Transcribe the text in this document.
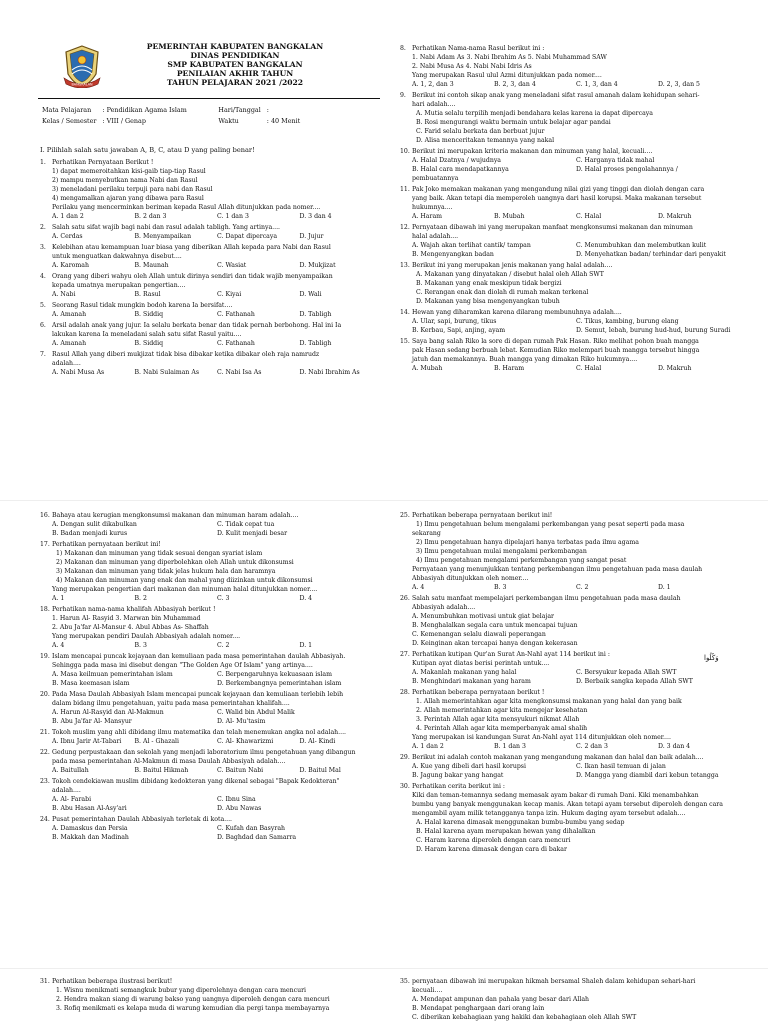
BANGKALAN

PEMERINTAH KABUPATEN BANGKALAN

DINAS PENDIDIKAN

SMP KABUPATEN BANGKALAN

PENILAIAN AKHIR TAHUN

TAHUN PELAJARAN 2021 /2022

Mata Pelajaran	: Pendidikan Agama Islam	Hari/Tanggal	:
Kelas / Semester	: VIII / Genap	Waktu	: 40 Menit

I. Pilihlah salah satu jawaban A, B, C, atau D yang paling benar!

1. Perhatikan Pernyataan Berikut !

1) dapat memeroitahkan kisi-gaib tiap-tiap Rasul

2) mampu menyebutkan nama Nabi dan Rasul

3) meneladani perilaku terpuji para nabi dan Rasul

4) mengamalkan ajaran yang dibawa para Rasul

Perilaku yang mencerminkan beriman kepada Rasul Allah ditunjukkan pada nomer....

A. 1 dan 2	B. 2 dan 3	C. 1 dan 3	D. 3 dan 4

2. Salah satu sifat wajib bagi nabi dan rasul adalah tabligh. Yang artinya....

A. Cerdas	B. Menyampaikan	C. Dapat dipercaya	D. Jujur

3. Kelebihan atau kemampuan luar biasa yang diberikan Allah kepada para Nabi dan Rasul

untuk menguatkan dakwahnya disebut....

A. Karomah	B. Maunah	C. Wasiat	D. Mukjizat

4. Orang yang diberi wahyu oleh Allah untuk dirinya sendiri dan tidak wajib menyampaikan

kepada umatnya merupakan pengertian....

A. Nabi	B. Rasul	C. Kiyai	D. Wali

5. Seorang Rasul tidak mungkin bodoh karena Ia bersifat....

A. Amanah	B. Siddiq	C. Fathanah	D. Tabligh

6. Arsil adalah anak yang jujur. Ia selalu berkata benar dan tidak pernah berbohong. Hal ini Ia

lakukan karena Ia meneladani salah satu sifat Rasul yaitu....

A. Amanah	B. Siddiq	C. Fathanah	D. Tabligh

7. Rasul Allah yang diberi mukjizat tidak bisa dibakar ketika dibakar oleh raja namrudz

adalah....

A. Nabi Musa As	B. Nabi Sulaiman As	C. Nabi Isa As	D. Nabi Ibrahim As

8. Perhatikan Nama-nama Rasul berikut ini :

1. Nabi Adam As 3. Nabi Ibrahim As 5. Nabi Muhammad SAW

2. Nabi Musa As 4. Nabi Nabi Idris As

Yang merupakan Rasul ulul Azmi ditunjukkan pada nomer....

A. 1, 2, dan 3	B. 2, 3, dan 4	C. 1, 3, dan 4	D. 2, 3, dan 5

9. Berikut ini contoh sikap anak yang meneladani sifat rasul amanah dalam kehidupan sehari-

hari adalah....

A. Mutia selalu terpilih menjadi bendahara kelas karena ia dapat dipercaya

B. Rosi mengurangi waktu bermain untuk belajar agar pandai

C. Farid selalu berkata dan berbuat jujur

D. Alisa menceritakan temannya yang nakal

10. Berikut ini merupakan kriteria makanan dan minuman yang halal, kecuali....

A. Halal Dzatnya / wujudnya	C. Harganya tidak mahal
B. Halal cara mendapatkannya	D. Halal proses pengolahannya /

pembuatannya

11. Pak Joko memakan makanan yang mengandung nilai gizi yang tinggi dan diolah dengan cara

yang baik. Akan tetapi dia memperoleh uangnya dari hasil korupsi. Maka makanan tersebut

hukumnya....

A. Haram	B. Mubah	C. Halal	D. Makruh

12. Pernyataan dibawah ini yang merupakan manfaat mengkonsumsi makanan dan minuman

halal adalah....

A. Wajah akan terlihat cantik/ tampan	C. Menumbuhkan dan melembutkan kulit
B. Mengenyangkan badan	D. Menyehatkan badan/ terhindar dari penyakit

13. Berikut ini yang merupakan jenis makanan yang halal adalah....

A. Makanan yang dinyatakan / disebut halal oleh Allah SWT

B. Makanan yang enak meskipun tidak bergizi

C. Rerangan enak dan diolah di rumah makan terkenal

D. Makanan yang bisa mengenyangkan tubuh

14. Hewan yang diharamkan karena dilarang membunuhnya adalah....

A. Ular, sapi, burung, tikus	C. Tikus, kambing, burung elang
B. Kerbau, Sapi, anjing, ayam	D. Semut, lebah, burung hud-hud, burung Suradi

15. Saya bang salah Riko la sore di depan rumah Pak Hasan. Riko melihat pohon buah mangga

pak Hasan sedang berbuah lebat. Kemudian Riko melempari buah mangga tersebut hingga

jatuh dan memakannya. Buah mangga yang dimakan Riko hukumnya....

A. Mubah	B. Haram	C. Halal	D. Makruh

16. Bahaya atau kerugian mengkonsumsi makanan dan minuman haram adalah....

A. Dengan sulit dikabulkan	C. Tidak cepat tua
B. Badan menjadi kurus	D. Kulit menjadi besar

17. Perhatikan pernyataan berikut ini!

1) Makanan dan minuman yang tidak sesuai dengan syariat islam

2) Makanan dan minuman yang diperbolehkan oleh Allah untuk dikonsumsi

3) Makanan dan minuman yang tidak jelas hukum hala dan haramnya

4) Makanan dan minuman yang enak dan mahal yang diizinkan untuk dikonsumsi

Yang merupakan pengertian dari makanan dan minuman halal ditunjukkan nomer....

A. 1	B. 2	C. 3	D. 4

18. Perhatikan nama-nama khalifah Abbasiyah berikut !

1. Harun Al- Rasyid 3. Marwan bin Muhammad

2. Abu Ja'far Al-Mansur 4. Abul Abbas As- Shaffah

Yang merupakan pendiri Daulah Abbasiyah adalah nomer....

A. 4	B. 3	C. 2	D. 1

19. Islam mencapai puncak kejayaan dan kemuliaan pada masa pemerintahan daulah Abbasiyah.

Sehingga pada masa ini disebut dengan "The Golden Age Of Islam" yang artinya....

A. Masa keilmuan pemerintahan islam	C. Berpengaruhnya kekuasaan islam
B. Masa keemasan islam	D. Berkembangnya pemerintahan islam

20. Pada Masa Daulah Abbasiyah Islam mencapai puncak kejayaan dan kemuliaan terlebih lebih

dalam bidang ilmu pengetahuan, yaitu pada masa pemerintahan khalifah....

A. Harun Al-Rasyid dan Al-Makmun	C. Walid bin Abdul Malik
B. Abu Ja'far Al- Mansyur	D. Al- Mu'tasim

21. Tokoh muslim yang ahli dibidang ilmu matematika dan telah menemukan angka nol adalah....

A. Ibnu Jarir At-Tabari	B. Al - Ghazali	C. Al- Khawarizmi	D. Al- Kindi

22. Gedung perpustakaan dan sekolah yang menjadi laboratorium ilmu pengetahuan yang dibangun

pada masa pemerintahan Al-Makmun di masa Daulah Abbasiyah adalah....

A. Baitullah	B. Baitul Hikmah	C. Baitun Nabi	D. Baitul Mal

23. Tokoh cendekiawan muslim dibidang kedokteran yang dikenal sebagai "Bapak Kedokteran"

adalah....

A. Al- Farabi	C. Ibnu Sina
B. Abu Hasan Al-Asy'ari	D. Abu Nawas

24. Pusat pemerintahan Daulah Abbasiyah terletak di kota....

A. Damaskus dan Persia	C. Kufah dan Basyrah
B. Makkah dan Madinah	D. Baghdad dan Samarra

25. Perhatikan beberapa pernyataan berikut ini!

1) Ilmu pengetahuan belum mengalami perkembangan yang pesat seperti pada masa

sekarang

2) Ilmu pengetahuan hanya dipelajari hanya terbatas pada ilmu agama

3) Ilmu pengetahuan mulai mengalami perkembangan

4) Ilmu pengetahuan mengalami perkembangan yang sangat pesat

Pernyataan yang menunjukkan tentang perkembangan ilmu pengetahuan pada masa daulah

Abbasiyah ditunjukkan oleh nomer....

A. 4	B. 3	C. 2	D. 1

26. Salah satu manfaat mempelajari perkembangan ilmu pengetahuan pada masa daulah

Abbasiyah adalah....

A. Menumbuhkan motivasi untuk giat belajar

B. Menghalalkan segala cara untuk mencapai tujuan

C. Kemenangan selalu diawali peperangan

D. Keinginan akan tercapai hanya dengan kekerasan

27. Perhatikan kutipan Qur'an Surat An-Nahl ayat 114 berikut ini :

Kutipan ayat diatas berisi perintah untuk....

A. Makanlah makanan yang halal	C. Bersyukur kepada Allah SWT
B. Menghindari makanan yang haram	D. Berbaik sangka kepada Allah SWT

28. Perhatikan beberapa pernyataan berikut !

1. Allah memerintahkan agar kita mengkonsumsi makanan yang halal dan yang baik

2. Allah memerintahkan agar kita mengejar kesehatan

3. Perintah Allah agar kita mensyukuri nikmat Allah

4. Perintah Allah agar kita memperbanyak amal shalih

Yang merupakan isi kandungan Surat An-Nahl ayat 114 ditunjukkan oleh nomer....

A. 1 dan 2	B. 1 dan 3	C. 2 dan 3	D. 3 dan 4

29. Berikut ini adalah contoh makanan yang mengandung makanan dan halal dan baik adalah....

A. Kue yang dibeli dari hasil korupsi	C. Ikan hasil temuan di jalan
B. Jagung bakar yang hangat	D. Mangga yang diambil dari kebun tetangga

30. Perhatikan cerita berikut ini :

Kiki dan teman-temannya sedang memasak ayam bakar di rumah Dani. Kiki menambahkan

bumbu yang banyak menggunakan kecap manis. Akan tetapi ayam tersebut diperoleh dengan cara

mengambil ayam milik tetangganya tanpa izin. Hukum daging ayam tersebut adalah....

A. Halal karena dimasak menggunakan bumbu-bumbu yang sedap

B. Halal karena ayam merupakan hewan yang dihalalkan

C. Haram karena diperoleh dengan cara mencuri

D. Haram karena dimasak dengan cara di bakar

ﻭَﻛُﻠُﻮﺍ

31. Perhatikan beberapa ilustrasi berikut!

1. Wisnu menikmati semangkuk bubur yang diperolehnya dengan cara mencuri

2. Hendra makan siang di warung bakso yang uangnya diperoleh dengan cara mencuri

3. Rofiq menikmati es kelapa muda di warung kemudian dia pergi tanpa membayarnya

35. pernyataan dibawah ini merupakan hikmah bersamal Shaleh dalam kehidupan sehari-hari

kecuali....

A. Mendapat ampunan dan pahala yang besar dari Allah

B. Mendapat penghargaan dari orang lain

C. diberikan kebahagiaan yang hakiki dan kebahagiaan oleh Allah SWT
